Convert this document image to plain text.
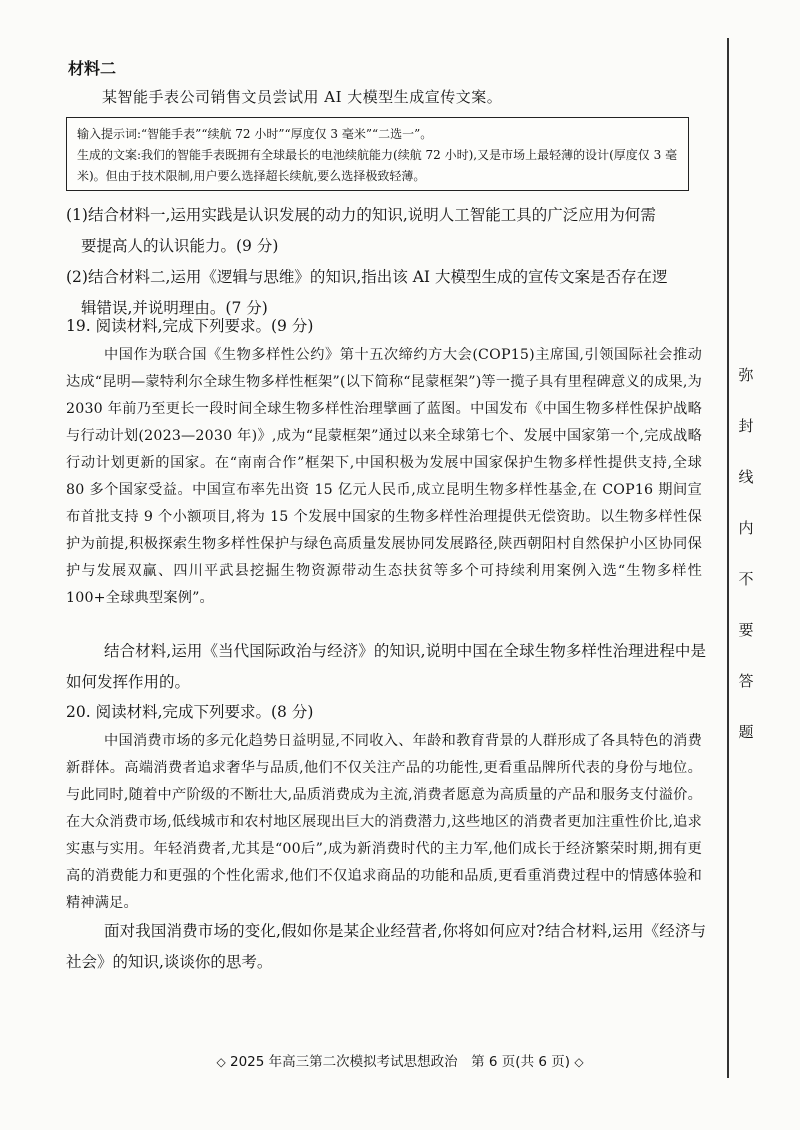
材料二
某智能手表公司销售文员尝试用 AI 大模型生成宣传文案。

输入提示词:“智能手表”“续航 72 小时”“厚度仅 3 毫米”“二选一”。

生成的文案:我们的智能手表既拥有全球最长的电池续航能力(续航 72 小时),又是市场上最轻薄的设计(厚度仅 3 毫米)。但由于技术限制,用户要么选择超长续航,要么选择极致轻薄。

(1)结合材料一,运用实践是认识发展的动力的知识,说明人工智能工具的广泛应用为何需
要提高人的认识能力。(9 分)
(2)结合材料二,运用《逻辑与思维》的知识,指出该 AI 大模型生成的宣传文案是否存在逻
辑错误,并说明理由。(7 分)
19. 阅读材料,完成下列要求。(9 分)
中国作为联合国《生物多样性公约》第十五次缔约方大会(COP15)主席国,引领国际社会推动达成“昆明—蒙特利尔全球生物多样性框架”(以下简称“昆蒙框架”)等一揽子具有里程碑意义的成果,为 2030 年前乃至更长一段时间全球生物多样性治理擘画了蓝图。中国发布《中国生物多样性保护战略与行动计划(2023—2030 年)》,成为“昆蒙框架”通过以来全球第七个、发展中国家第一个,完成战略行动计划更新的国家。在“南南合作”框架下,中国积极为发展中国家保护生物多样性提供支持,全球 80 多个国家受益。中国宣布率先出资 15 亿元人民币,成立昆明生物多样性基金,在 COP16 期间宣布首批支持 9 个小额项目,将为 15 个发展中国家的生物多样性治理提供无偿资助。以生物多样性保护为前提,积极探索生物多样性保护与绿色高质量发展协同发展路径,陕西朝阳村自然保护小区协同保护与发展双赢、四川平武县挖掘生物资源带动生态扶贫等多个可持续利用案例入选“生物多样性 100+全球典型案例”。
结合材料,运用《当代国际政治与经济》的知识,说明中国在全球生物多样性治理进程中是如何发挥作用的。
20. 阅读材料,完成下列要求。(8 分)
中国消费市场的多元化趋势日益明显,不同收入、年龄和教育背景的人群形成了各具特色的消费新群体。高端消费者追求奢华与品质,他们不仅关注产品的功能性,更看重品牌所代表的身份与地位。与此同时,随着中产阶级的不断壮大,品质消费成为主流,消费者愿意为高质量的产品和服务支付溢价。在大众消费市场,低线城市和农村地区展现出巨大的消费潜力,这些地区的消费者更加注重性价比,追求实惠与实用。年轻消费者,尤其是“00后”,成为新消费时代的主力军,他们成长于经济繁荣时期,拥有更高的消费能力和更强的个性化需求,他们不仅追求商品的功能和品质,更看重消费过程中的情感体验和精神满足。
面对我国消费市场的变化,假如你是某企业经营者,你将如何应对?结合材料,运用《经济与社会》的知识,谈谈你的思考。
弥
封
线
内
不
要
答
题
◇ 2025 年高三第二次模拟考试思想政治　第 6 页(共 6 页) ◇
